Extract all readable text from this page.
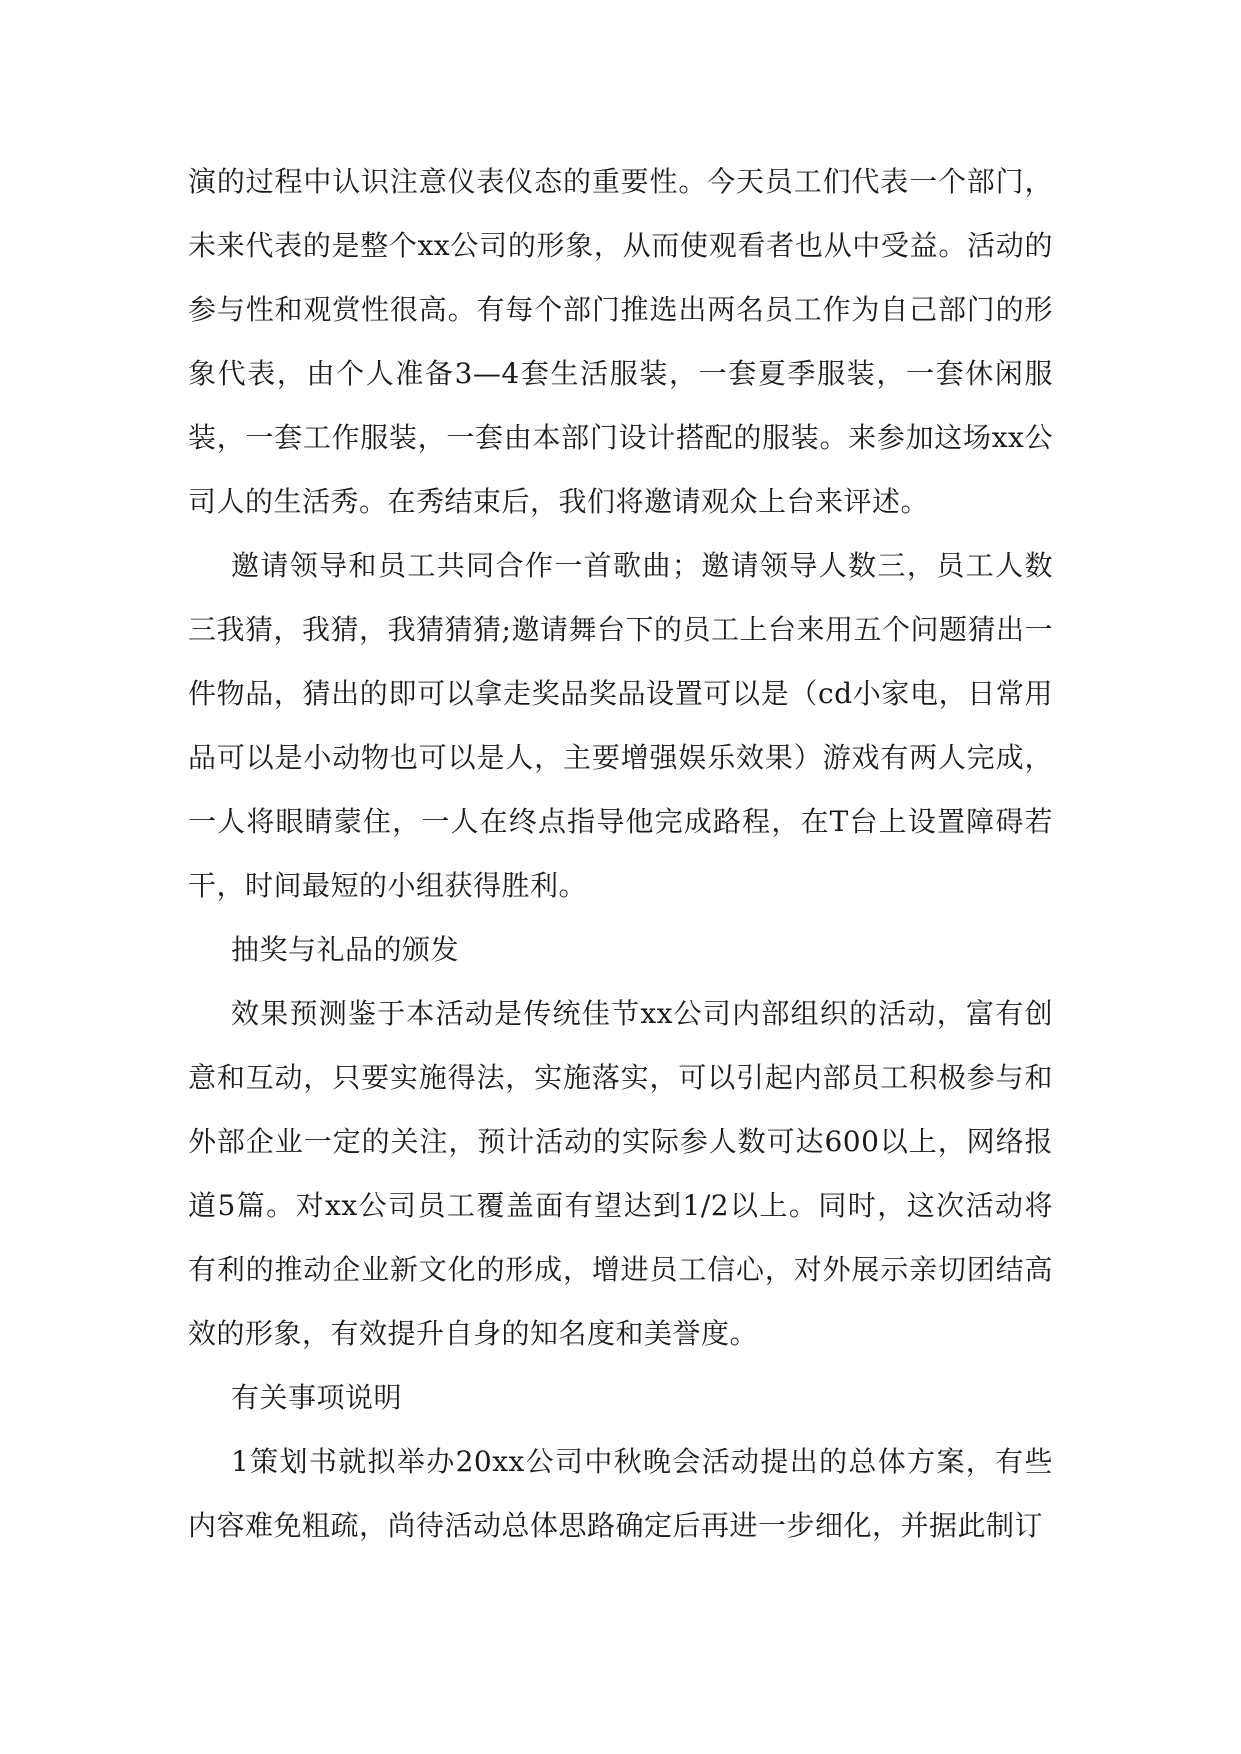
演的过程中认识注意仪表仪态的重要性。今天员工们代表一个部门，未来代表的是整个xx公司的形象，从而使观看者也从中受益。活动的参与性和观赏性很高。有每个部门推选出两名员工作为自己部门的形象代表，由个人准备3—4套生活服装，一套夏季服装，一套休闲服装，一套工作服装，一套由本部门设计搭配的服装。来参加这场xx公司人的生活秀。在秀结束后，我们将邀请观众上台来评述。

邀请领导和员工共同合作一首歌曲；邀请领导人数三，员工人数三我猜，我猜，我猜猜猜;邀请舞台下的员工上台来用五个问题猜出一件物品，猜出的即可以拿走奖品奖品设置可以是（cd小家电，日常用品可以是小动物也可以是人，主要增强娱乐效果）游戏有两人完成，一人将眼睛蒙住，一人在终点指导他完成路程，在T台上设置障碍若干，时间最短的小组获得胜利。

抽奖与礼品的颁发

效果预测鉴于本活动是传统佳节xx公司内部组织的活动，富有创意和互动，只要实施得法，实施落实，可以引起内部员工积极参与和外部企业一定的关注，预计活动的实际参人数可达600以上，网络报道5篇。对xx公司员工覆盖面有望达到1/2以上。同时，这次活动将有利的推动企业新文化的形成，增进员工信心，对外展示亲切团结高效的形象，有效提升自身的知名度和美誉度。

有关事项说明

1策划书就拟举办20xx公司中秋晚会活动提出的总体方案，有些内容难免粗疏，尚待活动总体思路确定后再进一步细化，并据此制订
